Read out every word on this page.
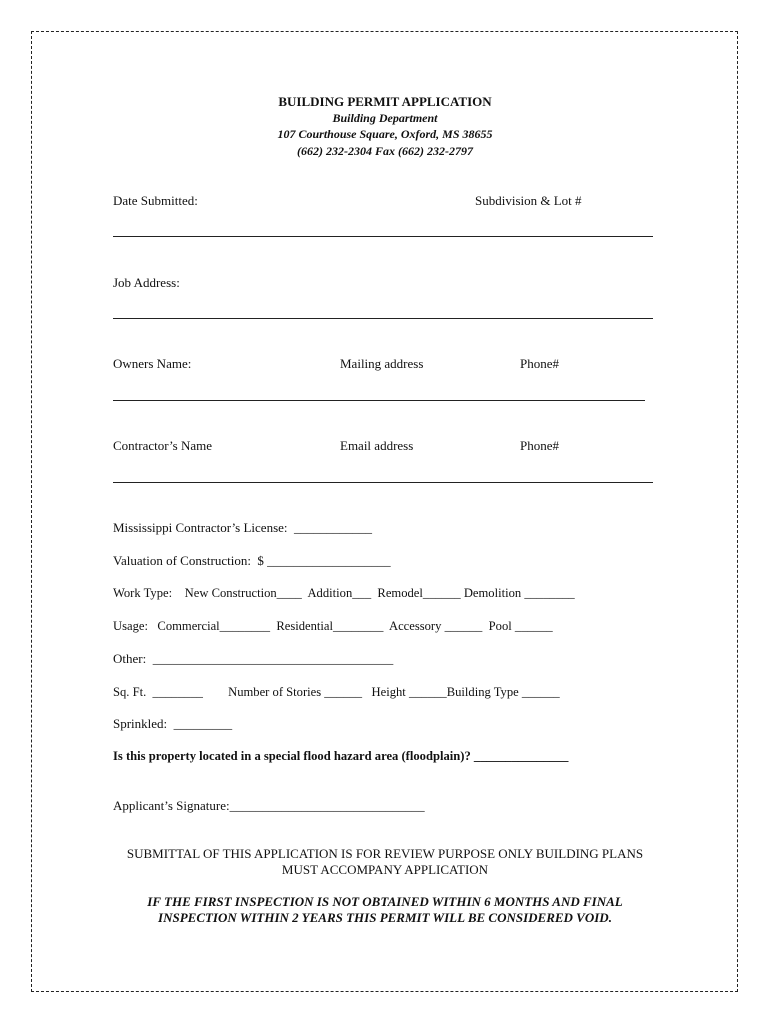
BUILDING PERMIT APPLICATION
Building Department
107 Courthouse Square, Oxford, MS 38655
(662) 232-2304 Fax (662) 232-2797
Date Submitted:	Subdivision & Lot #
Job Address:
Owners Name:	Mailing address	Phone#
Contractor’s Name	Email address	Phone#
Mississippi Contractor’s License:  ____________
Valuation of Construction:  $ ___________________
Work Type:    New Construction____  Addition___  Remodel______ Demolition ________
Usage:   Commercial________  Residential________  Accessory ______  Pool ______
Other:  _____________________________________
Sq. Ft.  ________        Number of Stories ______   Height ______Building Type ______
Sprinkled:  _________
Is this property located in a special flood hazard area (floodplain)? _______________
Applicant’s Signature:______________________________
SUBMITTAL OF THIS APPLICATION IS FOR REVIEW PURPOSE ONLY BUILDING PLANS MUST ACCOMPANY APPLICATION
IF THE FIRST INSPECTION IS NOT OBTAINED WITHIN 6 MONTHS AND FINAL INSPECTION WITHIN 2 YEARS THIS PERMIT WILL BE CONSIDERED VOID.
